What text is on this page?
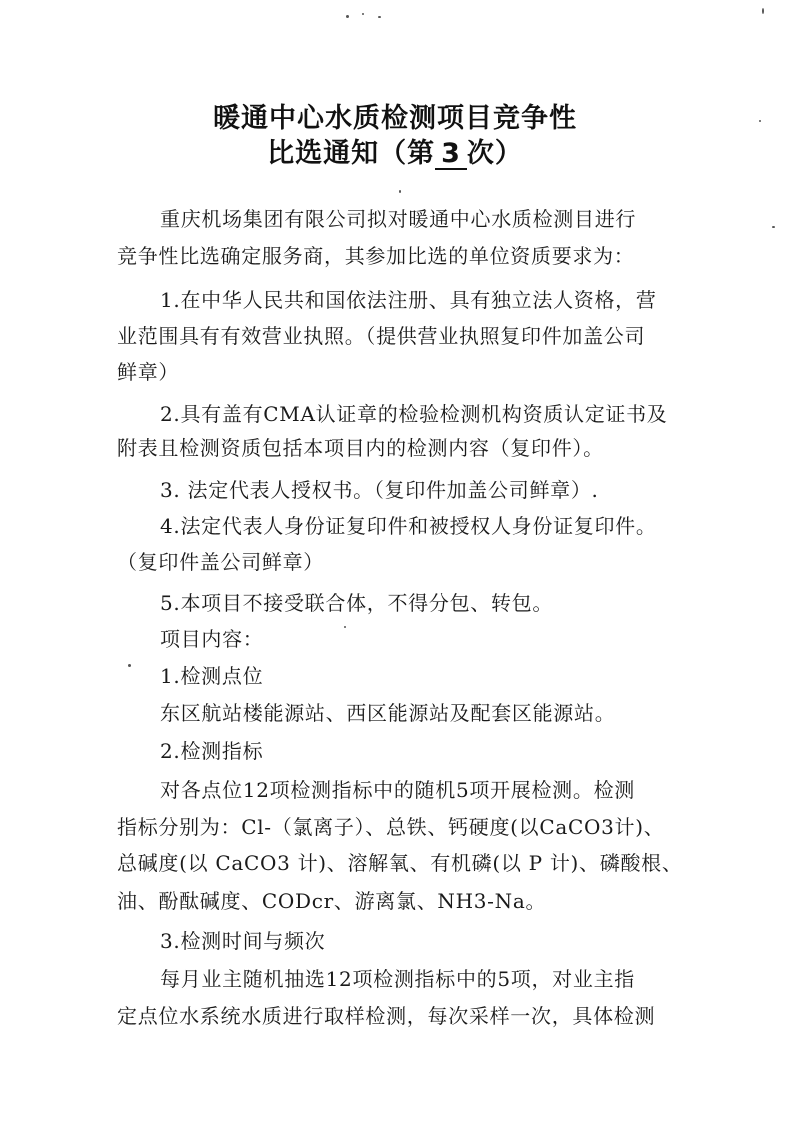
暖通中心水质检测项目竞争性
比选通知（第 3 次）
重庆机场集团有限公司拟对暖通中心水质检测目进行
竞争性比选确定服务商，其参加比选的单位资质要求为：
1.在中华人民共和国依法注册、具有独立法人资格，营
业范围具有有效营业执照。（提供营业执照复印件加盖公司
鲜章）
2.具有盖有CMA认证章的检验检测机构资质认定证书及
附表且检测资质包括本项目内的检测内容（复印件）。
3. 法定代表人授权书。（复印件加盖公司鲜章）.
4.法定代表人身份证复印件和被授权人身份证复印件。
（复印件盖公司鲜章）
5.本项目不接受联合体，不得分包、转包。
项目内容：
1.检测点位
东区航站楼能源站、西区能源站及配套区能源站。
2.检测指标
对各点位12项检测指标中的随机5项开展检测。检测
指标分别为：Cl-（氯离子）、总铁、钙硬度(以CaCO3计)、
总碱度(以 CaCO3 计)、溶解氧、有机磷(以 P 计)、磷酸根、
油、酚酞碱度、CODcr、游离氯、NH3-Na。
3.检测时间与频次
每月业主随机抽选12项检测指标中的5项，对业主指
定点位水系统水质进行取样检测，每次采样一次，具体检测
